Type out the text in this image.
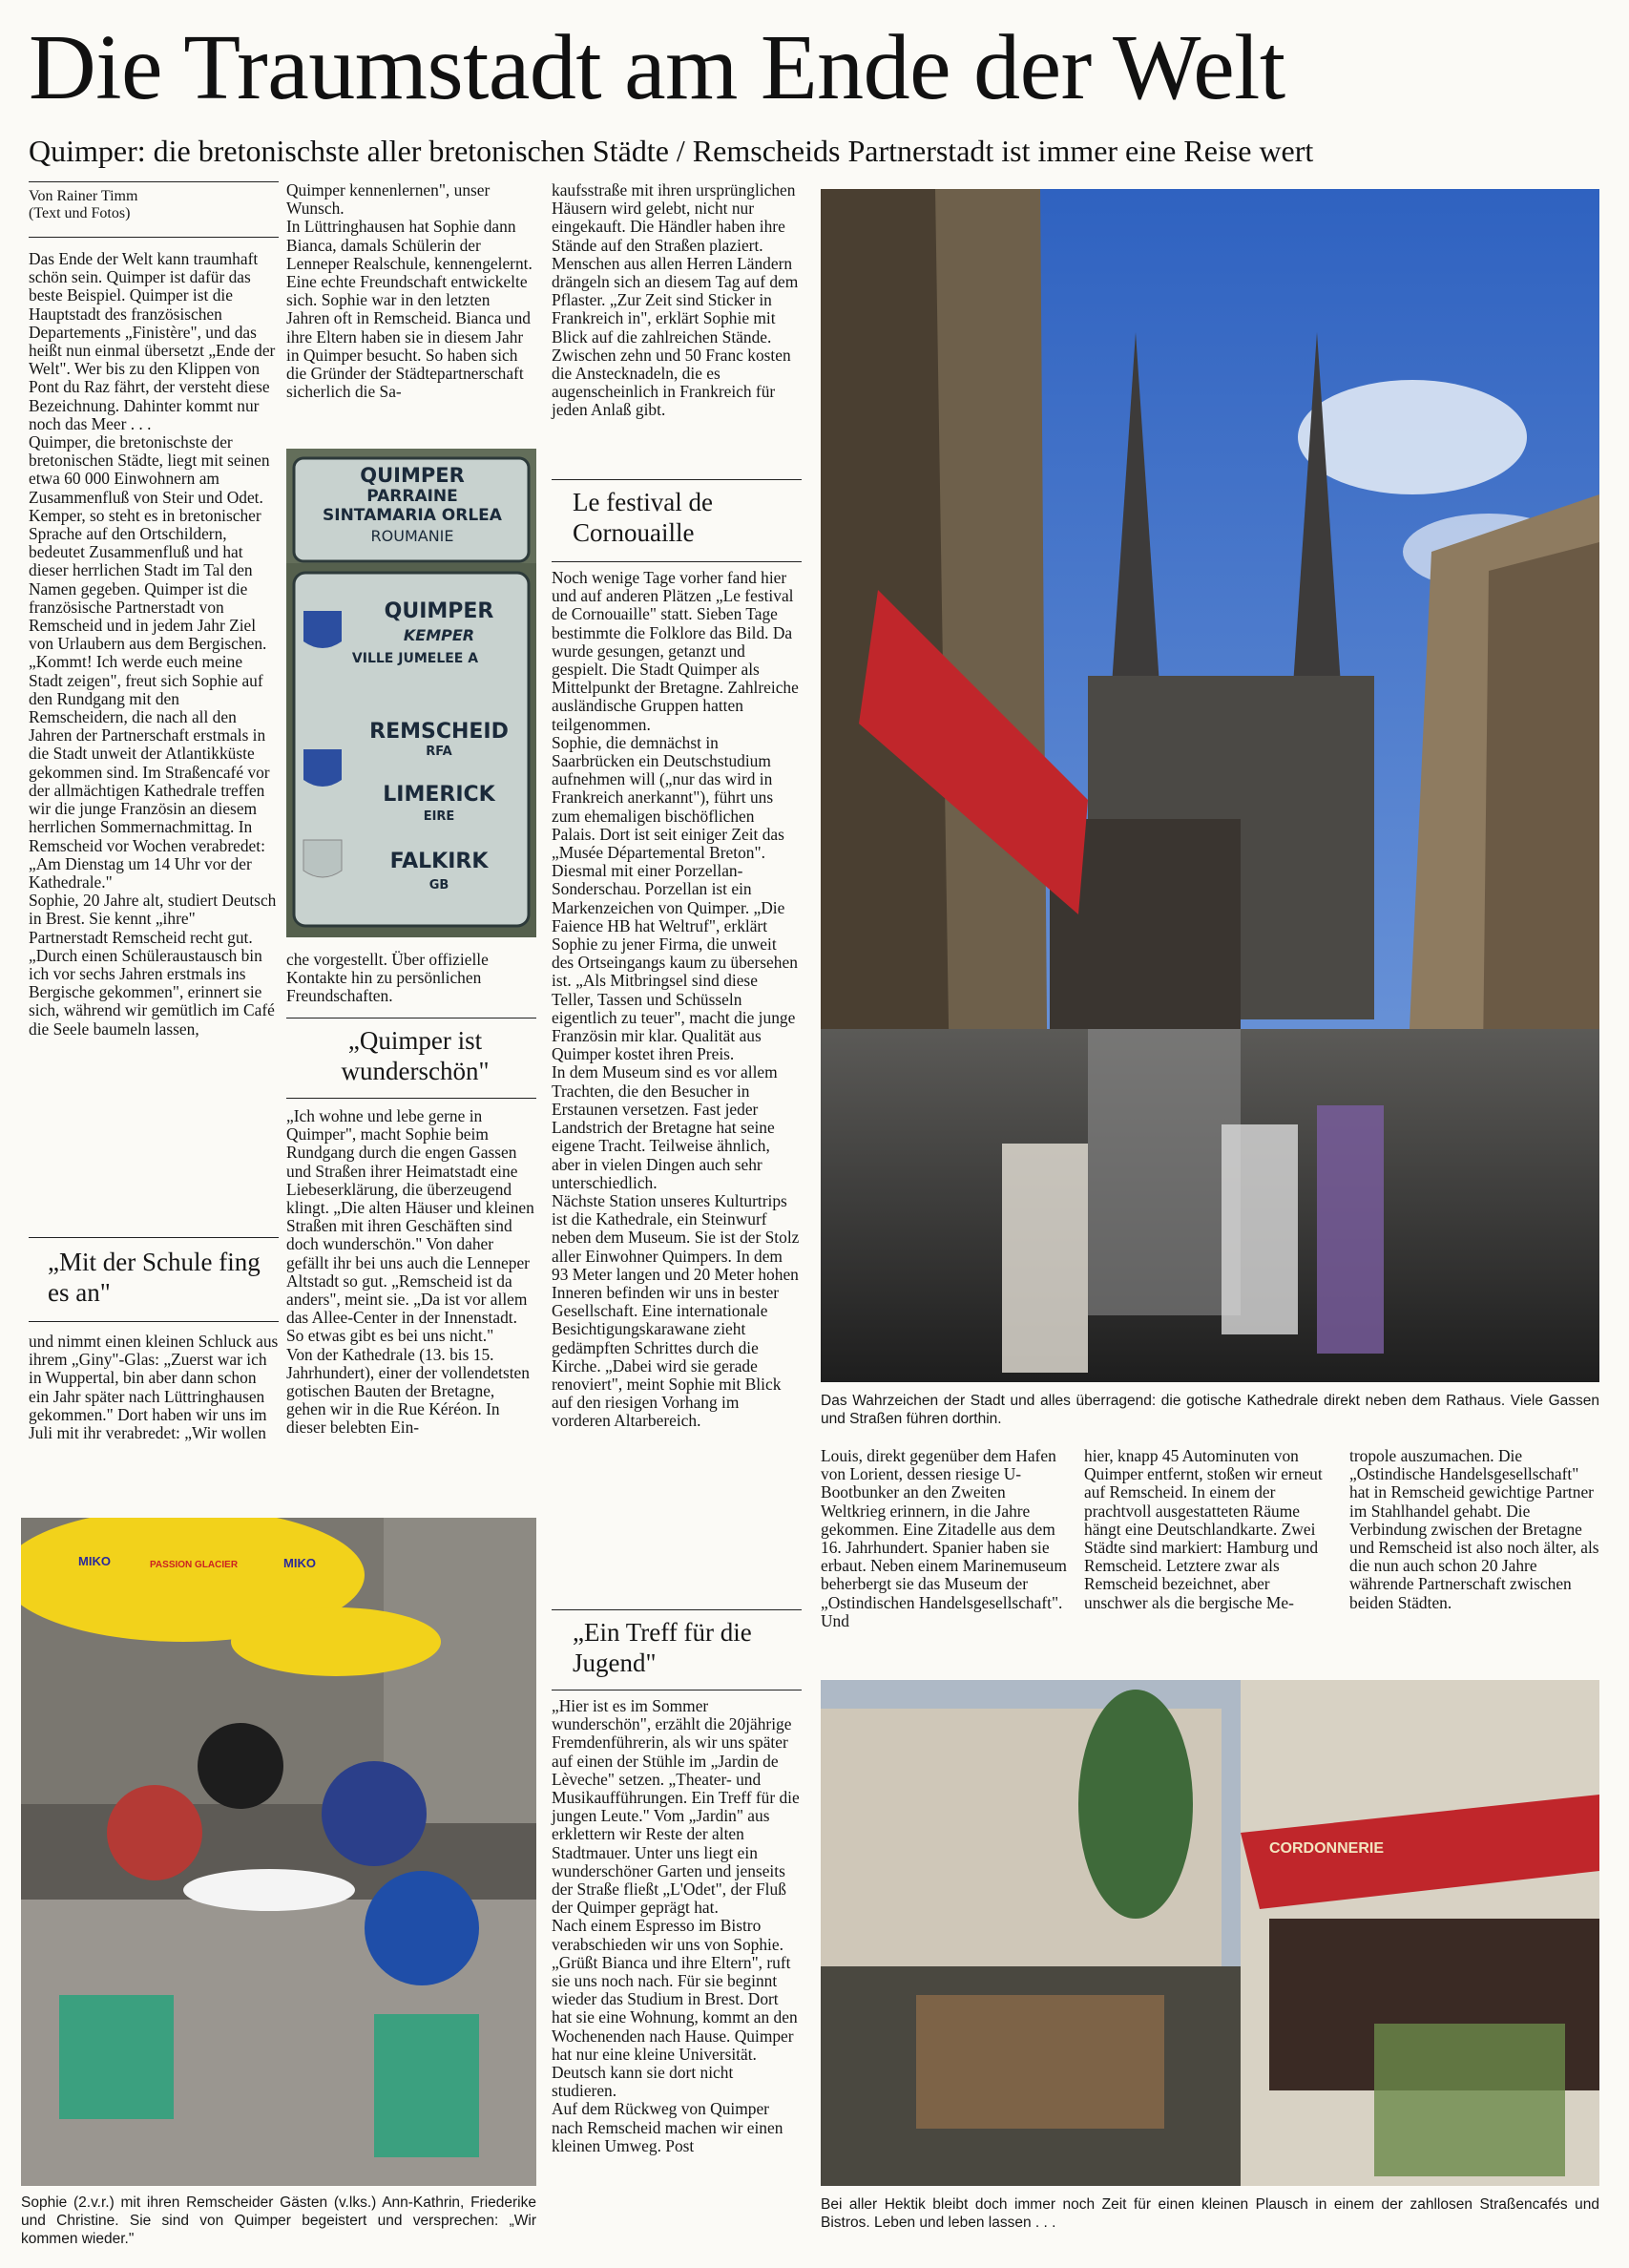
Die Traumstadt am Ende der Welt
Quimper: die bretonischste aller bretonischen Städte / Remscheids Partnerstadt ist immer eine Reise wert
Von Rainer Timm
(Text und Fotos)

Das Ende der Welt kann traumhaft schön sein. Quimper ist dafür das beste Beispiel. Quimper ist die Hauptstadt des französischen Departements „Finistère", und das heißt nun einmal übersetzt „Ende der Welt". Wer bis zu den Klippen von Pont du Raz fährt, der versteht diese Bezeichnung. Dahinter kommt nur noch das Meer . . .

Quimper, die bretonischste der bretonischen Städte, liegt mit seinen etwa 60 000 Einwohnern am Zusammenfluß von Steir und Odet. Kemper, so steht es in bretonischer Sprache auf den Ortschildern, bedeutet Zusammenfluß und hat dieser herrlichen Stadt im Tal den Namen gegeben. Quimper ist die französische Partnerstadt von Remscheid und in jedem Jahr Ziel von Urlaubern aus dem Bergischen.

„Kommt! Ich werde euch meine Stadt zeigen", freut sich Sophie auf den Rundgang mit den Remscheidern, die nach all den Jahren der Partnerschaft erstmals in die Stadt unweit der Atlantikküste gekommen sind. Im Straßencafé vor der allmächtigen Kathedrale treffen wir die junge Französin an diesem herrlichen Sommernachmittag. In Remscheid vor Wochen verabredet: „Am Dienstag um 14 Uhr vor der Kathedrale."

Sophie, 20 Jahre alt, studiert Deutsch in Brest. Sie kennt „ihre" Partnerstadt Remscheid recht gut. „Durch einen Schüleraustausch bin ich vor sechs Jahren erstmals ins Bergische gekommen", erinnert sie sich, während wir gemütlich im Café die Seele baumeln lassen,

„Mit der Schule fing es an"

und nimmt einen kleinen Schluck aus ihrem „Giny"-Glas: „Zuerst war ich in Wuppertal, bin aber dann schon ein Jahr später nach Lüttringhausen gekommen." Dort haben wir uns im Juli mit ihr verabredet: „Wir wollen

Quimper kennenlernen", unser Wunsch.

In Lüttringhausen hat Sophie dann Bianca, damals Schülerin der Lenneper Realschule, kennengelernt. Eine echte Freundschaft entwickelte sich. Sophie war in den letzten Jahren oft in Remscheid. Bianca und ihre Eltern haben sie in diesem Jahr in Quimper besucht. So haben sich die Gründer der Städtepartnerschaft sicherlich die Sa-

QUIMPER
PARRAINE
SINTAMARIA ORLEA
ROUMANIE
QUIMPER
KEMPER
VILLE JUMELEE A
REMSCHEID
RFA
LIMERICK
EIRE
FALKIRK
GB

che vorgestellt. Über offizielle Kontakte hin zu persönlichen Freundschaften.

„Quimper ist wunderschön"

„Ich wohne und lebe gerne in Quimper", macht Sophie beim Rundgang durch die engen Gassen und Straßen ihrer Heimatstadt eine Liebeserklärung, die überzeugend klingt. „Die alten Häuser und kleinen Straßen mit ihren Geschäften sind doch wunderschön." Von daher gefällt ihr bei uns auch die Lenneper Altstadt so gut. „Remscheid ist da anders", meint sie. „Da ist vor allem das Allee-Center in der Innenstadt. So etwas gibt es bei uns nicht."

Von der Kathedrale (13. bis 15. Jahrhundert), einer der vollendetsten gotischen Bauten der Bretagne, gehen wir in die Rue Kéréon. In dieser belebten Ein-

kaufsstraße mit ihren ursprünglichen Häusern wird gelebt, nicht nur eingekauft. Die Händler haben ihre Stände auf den Straßen plaziert. Menschen aus allen Herren Ländern drängeln sich an diesem Tag auf dem Pflaster. „Zur Zeit sind Sticker in Frankreich in", erklärt Sophie mit Blick auf die zahlreichen Stände. Zwischen zehn und 50 Franc kosten die Anstecknadeln, die es augenscheinlich in Frankreich für jeden Anlaß gibt.

Le festival de Cornouaille

Noch wenige Tage vorher fand hier und auf anderen Plätzen „Le festival de Cornouaille" statt. Sieben Tage bestimmte die Folklore das Bild. Da wurde gesungen, getanzt und gespielt. Die Stadt Quimper als Mittelpunkt der Bretagne. Zahlreiche ausländische Gruppen hatten teilgenommen.

Sophie, die demnächst in Saarbrücken ein Deutschstudium aufnehmen will („nur das wird in Frankreich anerkannt"), führt uns zum ehemaligen bischöflichen Palais. Dort ist seit einiger Zeit das „Musée Départemental Breton". Diesmal mit einer Porzellan-Sonderschau. Porzellan ist ein Markenzeichen von Quimper. „Die Faience HB hat Weltruf", erklärt Sophie zu jener Firma, die unweit des Ortseingangs kaum zu übersehen ist. „Als Mitbringsel sind diese Teller, Tassen und Schüsseln eigentlich zu teuer", macht die junge Französin mir klar. Qualität aus Quimper kostet ihren Preis.

In dem Museum sind es vor allem Trachten, die den Besucher in Erstaunen versetzen. Fast jeder Landstrich der Bretagne hat seine eigene Tracht. Teilweise ähnlich, aber in vielen Dingen auch sehr unterschiedlich.

Nächste Station unseres Kulturtrips ist die Kathedrale, ein Steinwurf neben dem Museum. Sie ist der Stolz aller Einwohner Quimpers. In dem 93 Meter langen und 20 Meter hohen Inneren befinden wir uns in bester Gesellschaft. Eine internationale Besichtigungskarawane zieht gedämpften Schrittes durch die Kirche. „Dabei wird sie gerade renoviert", meint Sophie mit Blick auf den riesigen Vorhang im vorderen Altarbereich.

„Ein Treff für die Jugend"

„Hier ist es im Sommer wunderschön", erzählt die 20jährige Fremdenführerin, als wir uns später auf einen der Stühle im „Jardin de Lèveche" setzen. „Theater- und Musikaufführungen. Ein Treff für die jungen Leute." Vom „Jardin" aus erklettern wir Reste der alten Stadtmauer. Unter uns liegt ein wunderschöner Garten und jenseits der Straße fließt „L'Odet", der Fluß der Quimper geprägt hat.

Nach einem Espresso im Bistro verabschieden wir uns von Sophie. „Grüßt Bianca und ihre Eltern", ruft sie uns noch nach. Für sie beginnt wieder das Studium in Brest. Dort hat sie eine Wohnung, kommt an den Wochenenden nach Hause. Quimper hat nur eine kleine Universität. Deutsch kann sie dort nicht studieren.

Auf dem Rückweg von Quimper nach Remscheid machen wir einen kleinen Umweg. Post

Das Wahrzeichen der Stadt und alles überragend: die gotische Kathedrale direkt neben dem Rathaus. Viele Gassen und Straßen führen dorthin.

Louis, direkt gegenüber dem Hafen von Lorient, dessen riesige U-Bootbunker an den Zweiten Weltkrieg erinnern, in die Jahre gekommen. Eine Zitadelle aus dem 16. Jahrhundert. Spanier haben sie erbaut. Neben einem Marinemuseum beherbergt sie das Museum der „Ostindischen Handelsgesellschaft". Und

hier, knapp 45 Autominuten von Quimper entfernt, stoßen wir erneut auf Remscheid. In einem der prachtvoll ausgestatteten Räume hängt eine Deutschlandkarte. Zwei Städte sind markiert: Hamburg und Remscheid. Letztere zwar als Remscheid bezeichnet, aber unschwer als die bergische Me-

tropole auszumachen. Die „Ostindische Handelsgesellschaft" hat in Remscheid gewichtige Partner im Stahlhandel gehabt. Die Verbindung zwischen der Bretagne und Remscheid ist also noch älter, als die nun auch schon 20 Jahre währende Partnerschaft zwischen beiden Städten.

MIKO	PASSION GLACIER	MIKO
Sophie (2.v.r.) mit ihren Remscheider Gästen (v.lks.) Ann-Kathrin, Friederike und Christine. Sie sind von Quimper begeistert und versprechen: „Wir kommen wieder."
CORDONNERIE
Bei aller Hektik bleibt doch immer noch Zeit für einen kleinen Plausch in einem der zahllosen Straßencafés und Bistros. Leben und leben lassen . . .
